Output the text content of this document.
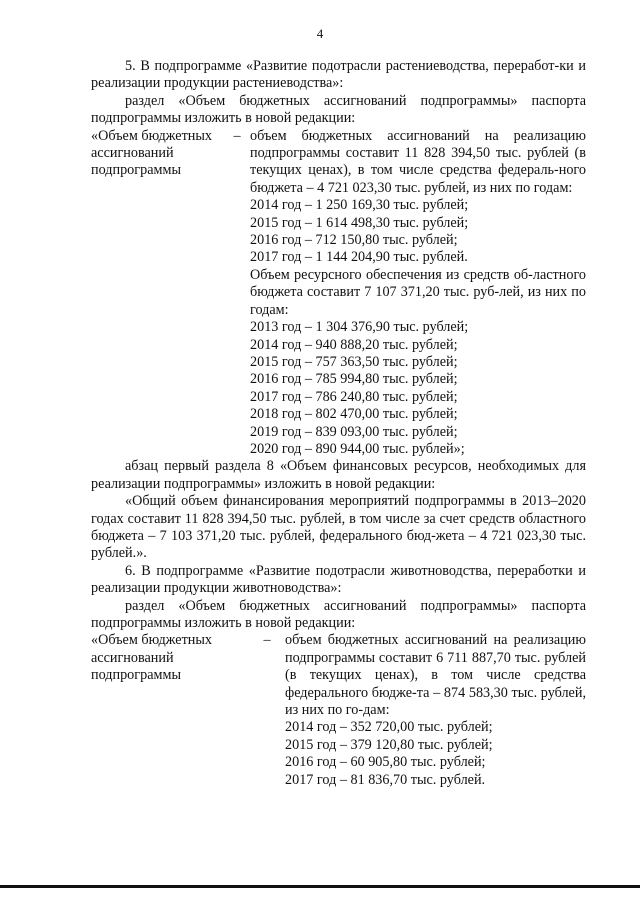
4

5. В подпрограмме «Развитие подотрасли растениеводства, переработ-ки и реализации продукции растениеводства»:

раздел «Объем бюджетных ассигнований подпрограммы» паспорта подпрограммы изложить в новой редакции:

«Объем бюджетных ассигнований подпрограммы
– объем бюджетных ассигнований на реализацию подпрограммы составит 11 828 394,50 тыс. рублей (в текущих ценах), в том числе средства федераль-ного бюджета – 4 721 023,30 тыс. рублей, из них по годам:

2014 год – 1 250 169,30 тыс. рублей;

2015 год – 1 614 498,30 тыс. рублей;

2016 год – 712 150,80 тыс. рублей;

2017 год – 1 144 204,90 тыс. рублей.

Объем ресурсного обеспечения из средств об-ластного бюджета составит 7 107 371,20 тыс. руб-лей, из них по годам:

2013 год – 1 304 376,90 тыс. рублей;

2014 год – 940 888,20 тыс. рублей;

2015 год – 757 363,50 тыс. рублей;

2016 год – 785 994,80 тыс. рублей;

2017 год – 786 240,80 тыс. рублей;

2018 год – 802 470,00 тыс. рублей;

2019 год – 839 093,00 тыс. рублей;

2020 год – 890 944,00 тыс. рублей»;

абзац первый раздела 8 «Объем финансовых ресурсов, необходимых для реализации подпрограммы» изложить в новой редакции:

«Общий объем финансирования мероприятий подпрограммы в 2013–2020 годах составит 11 828 394,50 тыс. рублей, в том числе за счет средств областного бюджета – 7 103 371,20 тыс. рублей, федерального бюд-жета – 4 721 023,30 тыс. рублей.».

6. В подпрограмме «Развитие подотрасли животноводства, переработки и реализации продукции животноводства»:

раздел «Объем бюджетных ассигнований подпрограммы» паспорта подпрограммы изложить в новой редакции:

«Объем бюджетных ассигнований подпрограммы
–	объем бюджетных ассигнований на реализацию подпрограммы составит 6 711 887,70 тыс. рублей (в текущих ценах), в том числе средства федерального бюдже-та – 874 583,30 тыс. рублей, из них по го-дам:

2014 год – 352 720,00 тыс. рублей;

2015 год – 379 120,80 тыс. рублей;

2016 год – 60 905,80 тыс. рублей;

2017 год – 81 836,70 тыс. рублей.
